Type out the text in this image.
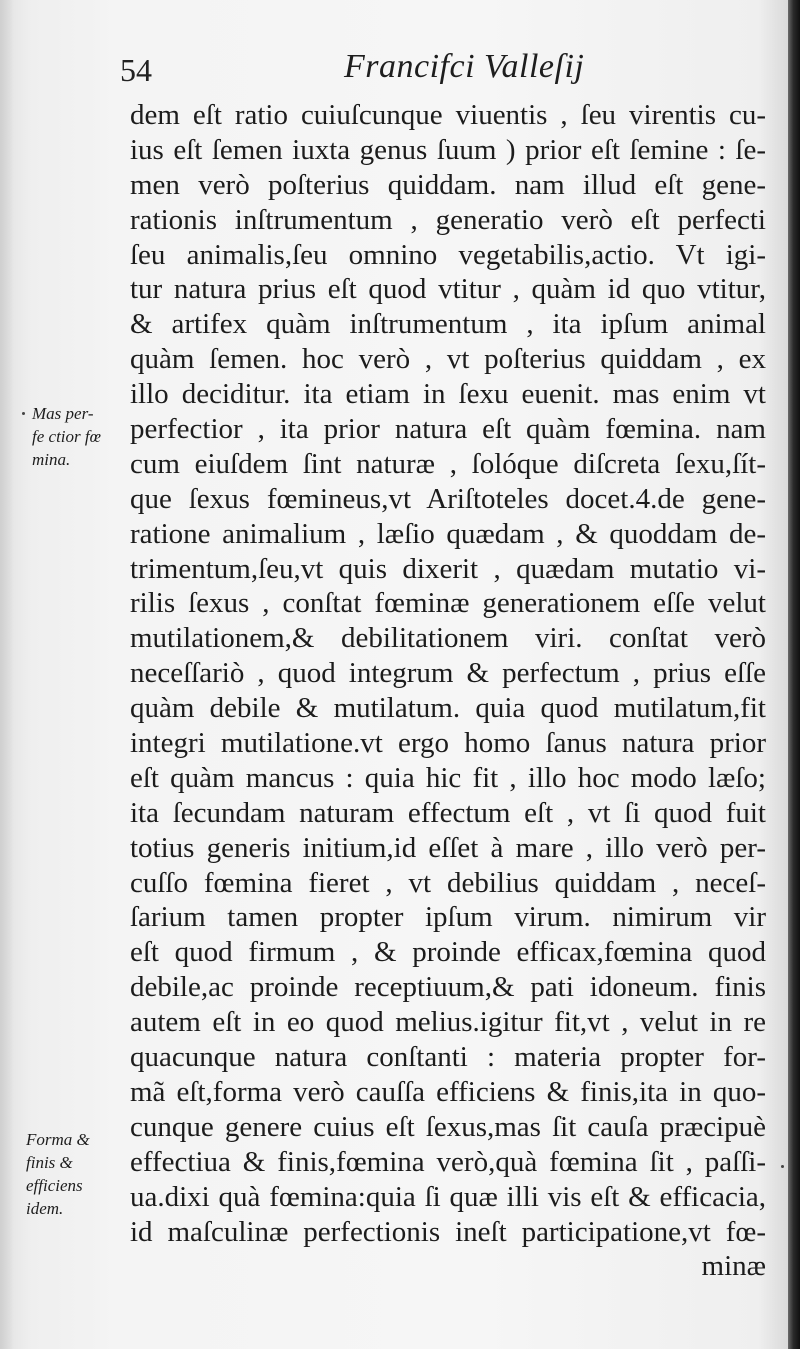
54	Francifci Valleſij
Mas per-
fe ctior fœ
mina.
Forma &
finis &
efficiens
idem.
dem eſt ratio cuiuſcunque viuentis , ſeu virentis cu-
ius eſt ſemen iuxta genus ſuum ) prior eſt ſemine : ſe-
men verò poſterius quiddam. nam illud eſt gene-
rationis inſtrumentum , generatio verò eſt perfecti
ſeu animalis,ſeu omnino vegetabilis,actio. Vt igi-
tur natura prius eſt quod vtitur , quàm id quo vtitur,
& artifex quàm inſtrumentum , ita ipſum animal
quàm ſemen. hoc verò , vt poſterius quiddam , ex
illo deciditur. ita etiam in ſexu euenit. mas enim vt
perfectior , ita prior natura eſt quàm fœmina. nam
cum eiuſdem ſint naturæ , ſolóque diſcreta ſexu,ſít-
que ſexus fœmineus,vt Ariſtoteles docet.4.de gene-
ratione animalium , læſio quædam , & quoddam de-
trimentum,ſeu,vt quis dixerit , quædam mutatio vi-
rilis ſexus , conſtat fœminæ generationem eſſe velut
mutilationem,& debilitationem viri. conſtat verò
neceſſariò , quod integrum & perfectum , prius eſſe
quàm debile & mutilatum. quia quod mutilatum,fit
integri mutilatione.vt ergo homo ſanus natura prior
eſt quàm mancus : quia hic fit , illo hoc modo læſo;
ita ſecundam naturam effectum eſt , vt ſi quod fuit
totius generis initium,id eſſet à mare , illo verò per-
cuſſo fœmina fieret , vt debilius quiddam , neceſ-
ſarium tamen propter ipſum virum. nimirum vir
eſt quod firmum , & proinde efficax,fœmina quod
debile,ac proinde receptiuum,& pati idoneum. finis
autem eſt in eo quod melius.igitur fit,vt , velut in re
quacunque natura conſtanti : materia propter for-
mã eſt,forma verò cauſſa efficiens & finis,ita in quo-
cunque genere cuius eſt ſexus,mas ſit cauſa præcipuè
effectiua & finis,fœmina verò,quà fœmina ſit , paſſi-
ua.dixi quà fœmina:quia ſi quæ illi vis eſt & efficacia,
id maſculinæ perfectionis ineſt participatione,vt fœ-
minæ
